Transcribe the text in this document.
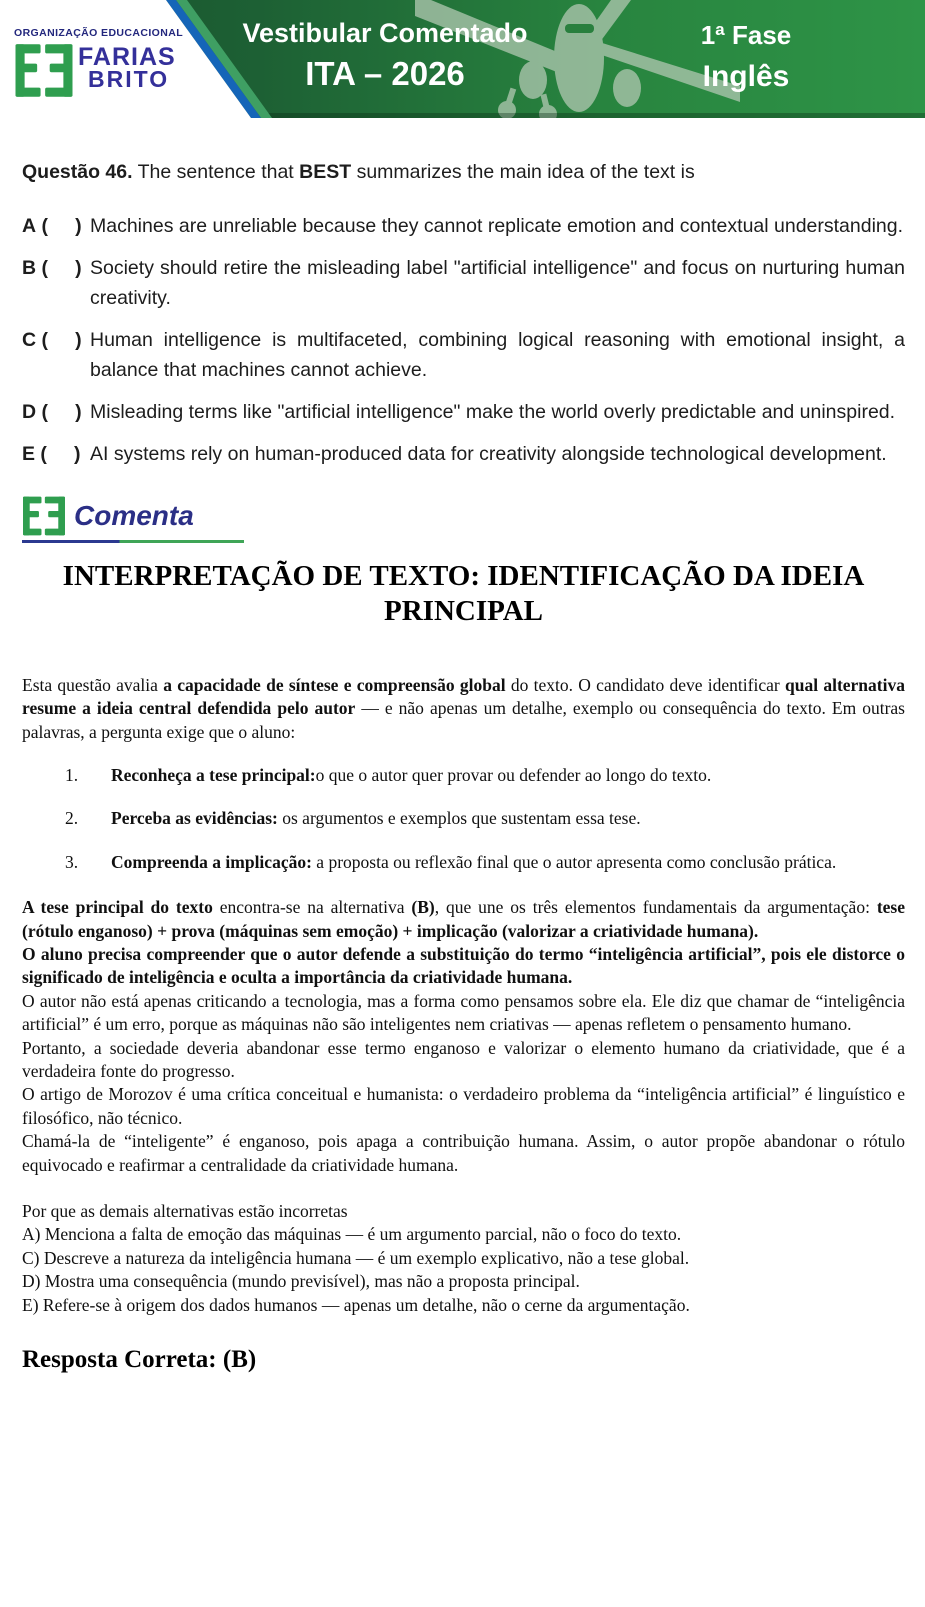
ORGANIZAÇÃO EDUCACIONAL
FARIAS
BRITO
Vestibular Comentado
ITA – 2026
1ª Fase
Inglês
Questão 46. The sentence that BEST summarizes the main idea of the text is
A (     ) Machines are unreliable because they cannot replicate emotion and contextual understanding.
B (     ) Society should retire the misleading label "artificial intelligence" and focus on nurturing human creativity.
C (     ) Human intelligence is multifaceted, combining logical reasoning with emotional insight, a balance that machines cannot achieve.
D (     ) Misleading terms like "artificial intelligence" make the world overly predictable and uninspired.
E (     ) AI systems rely on human-produced data for creativity alongside technological development.
Comenta
INTERPRETAÇÃO DE TEXTO: IDENTIFICAÇÃO DA IDEIA PRINCIPAL

Esta questão avalia a capacidade de síntese e compreensão global do texto. O candidato deve identificar qual alternativa resume a ideia central defendida pelo autor — e não apenas um detalhe, exemplo ou consequência do texto. Em outras palavras, a pergunta exige que o aluno:

1.	Reconheça a tese principal:o que o autor quer provar ou defender ao longo do texto.
2.	Perceba as evidências: os argumentos e exemplos que sustentam essa tese.
3.	Compreenda a implicação: a proposta ou reflexão final que o autor apresenta como conclusão prática.

A tese principal do texto encontra-se na alternativa (B), que une os três elementos fundamentais da argumentação: tese (rótulo enganoso) + prova (máquinas sem emoção) + implicação (valorizar a criatividade humana).

O aluno precisa compreender que o autor defende a substituição do termo “inteligência artificial”, pois ele distorce o significado de inteligência e oculta a importância da criatividade humana.

O autor não está apenas criticando a tecnologia, mas a forma como pensamos sobre ela. Ele diz que chamar de “inteligência artificial” é um erro, porque as máquinas não são inteligentes nem criativas — apenas refletem o pensamento humano.

Portanto, a sociedade deveria abandonar esse termo enganoso e valorizar o elemento humano da criatividade, que é a verdadeira fonte do progresso.

O artigo de Morozov é uma crítica conceitual e humanista: o verdadeiro problema da “inteligência artificial” é linguístico e filosófico, não técnico.

Chamá-la de “inteligente” é enganoso, pois apaga a contribuição humana. Assim, o autor propõe abandonar o rótulo equivocado e reafirmar a centralidade da criatividade humana.

Por que as demais alternativas estão incorretas
A) Menciona a falta de emoção das máquinas — é um argumento parcial, não o foco do texto.
C) Descreve a natureza da inteligência humana — é um exemplo explicativo, não a tese global.
D) Mostra uma consequência (mundo previsível), mas não a proposta principal.
E) Refere-se à origem dos dados humanos — apenas um detalhe, não o cerne da argumentação.
Resposta Correta: (B)
